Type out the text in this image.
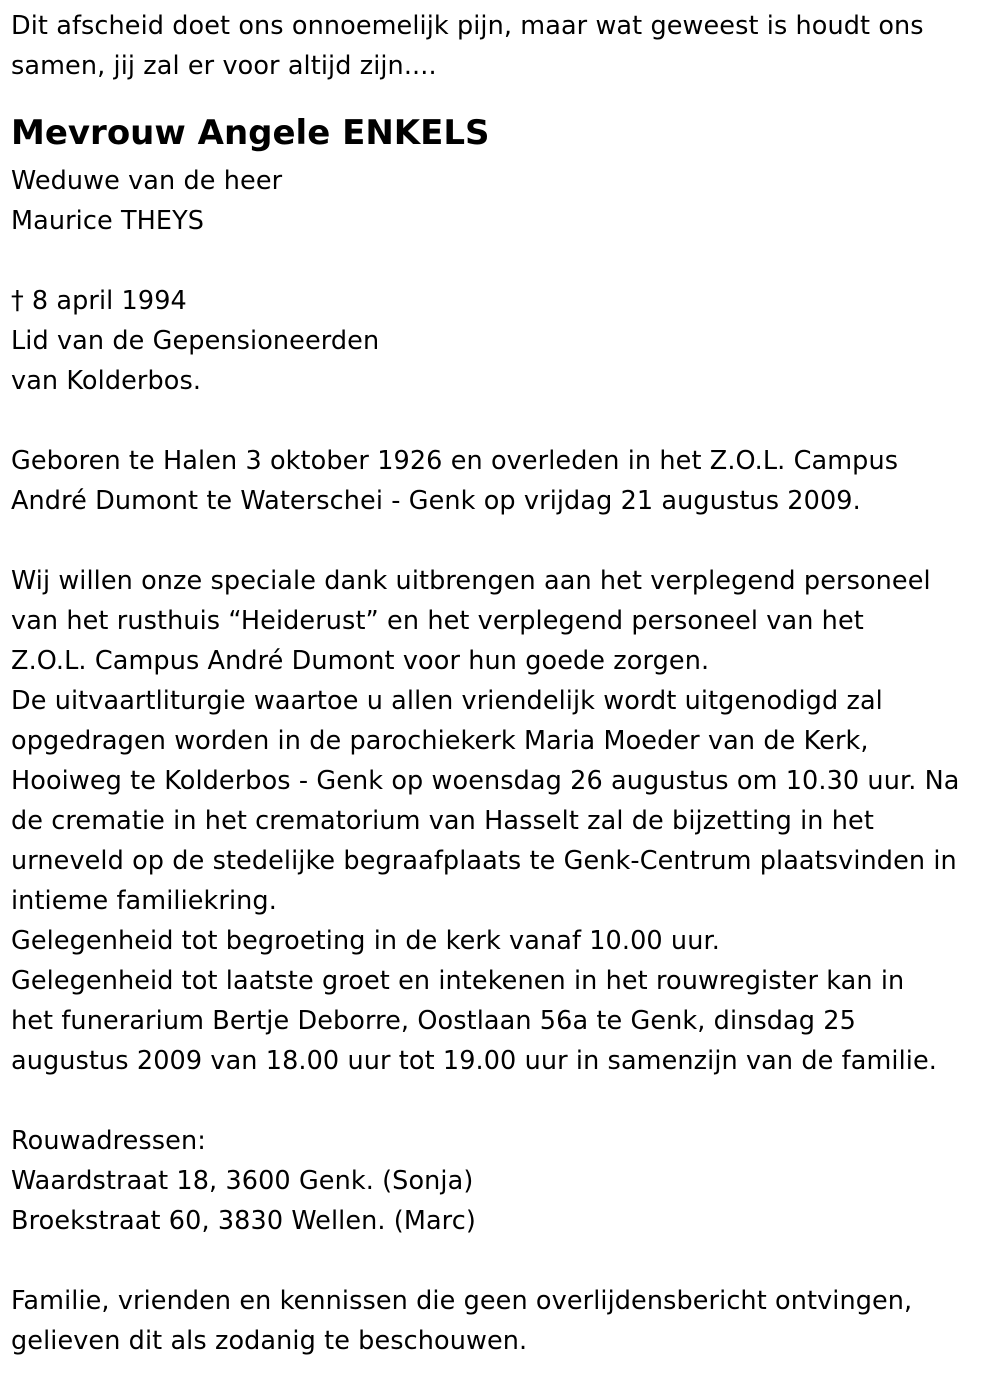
Dit afscheid doet ons onnoemelijk pijn, maar wat geweest is houdt ons
samen, jij zal er voor altijd zijn....
Mevrouw Angele ENKELS
Weduwe van de heer
Maurice THEYS
† 8 april 1994
Lid van de Gepensioneerden
van Kolderbos.
Geboren te Halen 3 oktober 1926 en overleden in het Z.O.L. Campus
André Dumont te Waterschei - Genk op vrijdag 21 augustus 2009.
Wij willen onze speciale dank uitbrengen aan het verplegend personeel
van het rusthuis “Heiderust” en het verplegend personeel van het
Z.O.L. Campus André Dumont voor hun goede zorgen.
De uitvaartliturgie waartoe u allen vriendelijk wordt uitgenodigd zal
opgedragen worden in de parochiekerk Maria Moeder van de Kerk,
Hooiweg te Kolderbos - Genk op woensdag 26 augustus om 10.30 uur. Na
de crematie in het crematorium van Hasselt zal de bijzetting in het
urneveld op de stedelijke begraafplaats te Genk-Centrum plaatsvinden in
intieme familiekring.
Gelegenheid tot begroeting in de kerk vanaf 10.00 uur.
Gelegenheid tot laatste groet en intekenen in het rouwregister kan in
het funerarium Bertje Deborre, Oostlaan 56a te Genk, dinsdag 25
augustus 2009 van 18.00 uur tot 19.00 uur in samenzijn van de familie.
Rouwadressen:
Waardstraat 18, 3600 Genk. (Sonja)
Broekstraat 60, 3830 Wellen. (Marc)
Familie, vrienden en kennissen die geen overlijdensbericht ontvingen,
gelieven dit als zodanig te beschouwen.
